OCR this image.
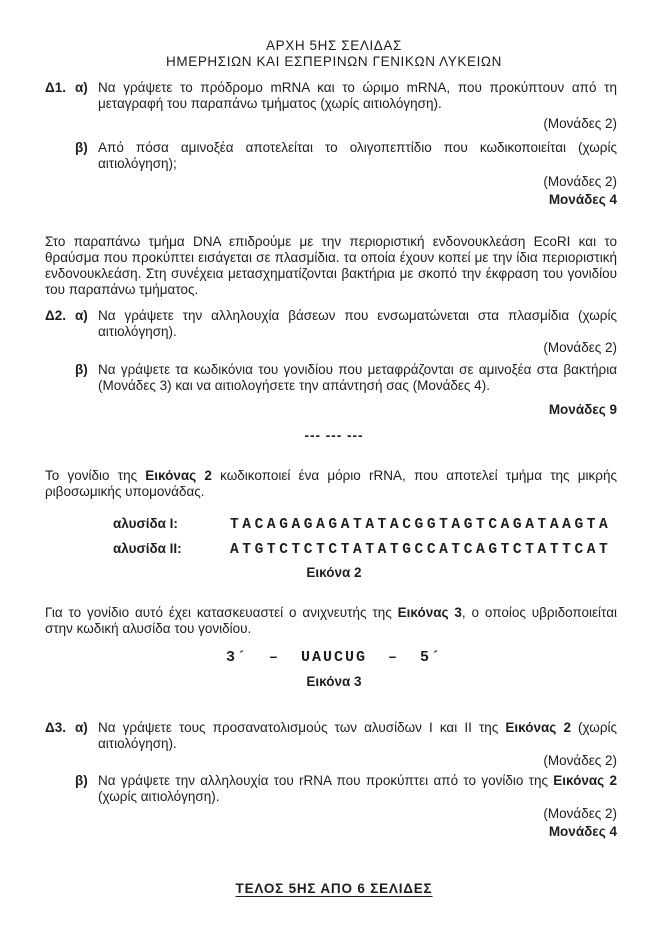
ΑΡΧΗ 5ΗΣ ΣΕΛΙΔΑΣ
ΗΜΕΡΗΣΙΩΝ ΚΑΙ ΕΣΠΕΡΙΝΩΝ ΓΕΝΙΚΩΝ ΛΥΚΕΙΩΝ
Δ1. α) Να γράψετε το πρόδρομο mRNA και το ώριμο mRNA, που προκύπτουν από τη μεταγραφή του παραπάνω τμήματος (χωρίς αιτιολόγηση).
(Μονάδες 2)
β) Από πόσα αμινοξέα αποτελείται το ολιγοπεπτίδιο που κωδικοποιείται (χωρίς αιτιολόγηση);
(Μονάδες 2)
Μονάδες 4

Στο παραπάνω τμήμα DNA επιδρούμε με την περιοριστική ενδονουκλεάση EcoRI και το θραύσμα που προκύπτει εισάγεται σε πλασμίδια. τα οποία έχουν κοπεί με την ίδια περιοριστική ενδονουκλεάση. Στη συνέχεια μετασχηματίζονται βακτήρια με σκοπό την έκφραση του γονιδίου του παραπάνω τμήματος.

Δ2. α) Να γράψετε την αλληλουχία βάσεων που ενσωματώνεται στα πλασμίδια (χωρίς αιτιολόγηση).
(Μονάδες 2)
β) Να γράψετε τα κωδικόνια του γονιδίου που μεταφράζονται σε αμινοξέα στα βακτήρια (Μονάδες 3) και να αιτιολογήσετε την απάντησή σας (Μονάδες 4).
Μονάδες 9
--- --- ---

Το γονίδιο της Εικόνας 2 κωδικοποιεί ένα μόριο rRNA, που αποτελεί τμήμα της μικρής ριβοσωμικής υπομονάδας.

αλυσίδα I:	TACAGAGAGATATACGGTAGTCAGATAAGTA
αλυσίδα II:	ATGTCTCTCTATATGCCATCAGTCTATTCAT
Εικόνα 2

Για το γονίδιο αυτό έχει κατασκευαστεί ο ανιχνευτής της Εικόνας 3, ο οποίος υβριδοποιείται στην κωδική αλυσίδα του γονιδίου.

3´ – UAUCUG – 5´
Εικόνα 3
Δ3. α) Να γράψετε τους προσανατολισμούς των αλυσίδων I και II της Εικόνας 2 (χωρίς αιτιολόγηση).
(Μονάδες 2)
β) Να γράψετε την αλληλουχία του rRNA που προκύπτει από το γονίδιο της Εικόνας 2 (χωρίς αιτιολόγηση).
(Μονάδες 2)
Μονάδες 4
ΤΕΛΟΣ 5ΗΣ ΑΠΟ 6 ΣΕΛΙΔΕΣ
